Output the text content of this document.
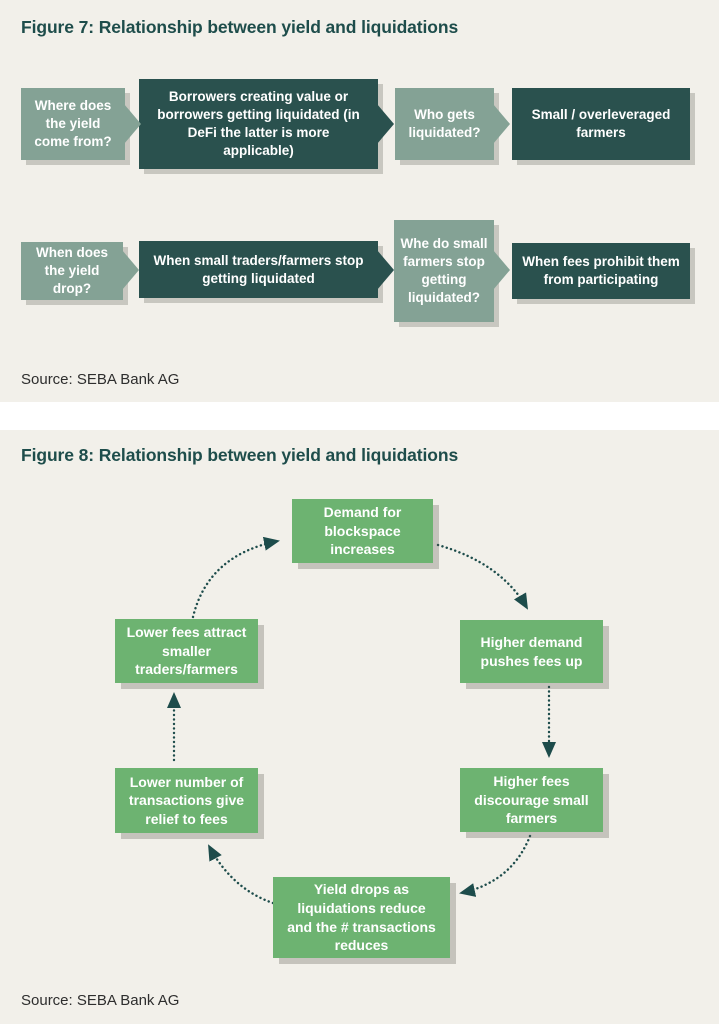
Figure 7: Relationship between yield and liquidations
Where does the yield come from?
Borrowers creating value or borrowers getting liquidated (in DeFi the latter is more applicable)
Who gets liquidated?
Small / overleveraged farmers
When does the yield drop?
When small traders/farmers stop getting liquidated
Whe do small farmers stop getting liquidated?
When fees prohibit them from participating

Source: SEBA Bank AG

Figure 8: Relationship between yield and liquidations
Demand for blockspace increases
Higher demand pushes fees up
Higher fees discourage small farmers
Yield drops as liquidations reduce and the # transactions reduces
Lower number of transactions give relief to fees
Lower fees attract smaller traders/farmers

Source: SEBA Bank AG
